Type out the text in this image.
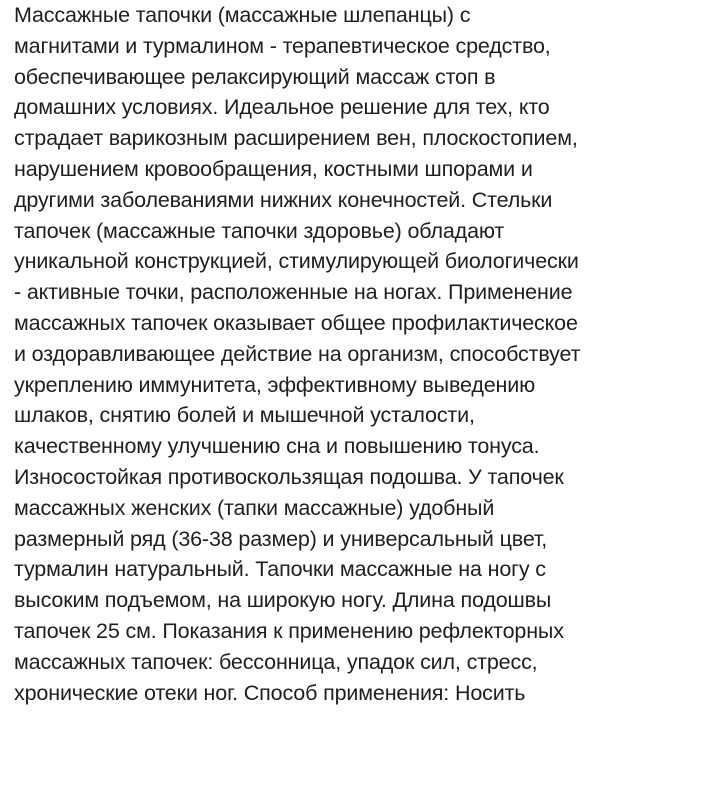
Массажные тапочки (массажные шлепанцы) с
магнитами и турмалином - терапевтическое средство,
обеспечивающее релаксирующий массаж стоп в
домашних условиях. Идеальное решение для тех, кто
страдает варикозным расширением вен, плоскостопием,
нарушением кровообращения, костными шпорами и
другими заболеваниями нижних конечностей. Стельки
тапочек (массажные тапочки здоровье) обладают
уникальной конструкцией, стимулирующей биологически
- активные точки, расположенные на ногах. Применение
массажных тапочек оказывает общее профилактическое
и оздоравливающее действие на организм, способствует
укреплению иммунитета, эффективному выведению
шлаков, снятию болей и мышечной усталости,
качественному улучшению сна и повышению тонуса.
Износостойкая противоскользящая подошва. У тапочек
массажных женских (тапки массажные) удобный
размерный ряд (36-38 размер) и универсальный цвет,
турмалин натуральный. Тапочки массажные на ногу с
высоким подъемом, на широкую ногу. Длина подошвы
тапочек 25 см. Показания к применению рефлекторных
массажных тапочек: бессонница, упадок сил, стресс,
хронические отеки ног. Способ применения: Носить
